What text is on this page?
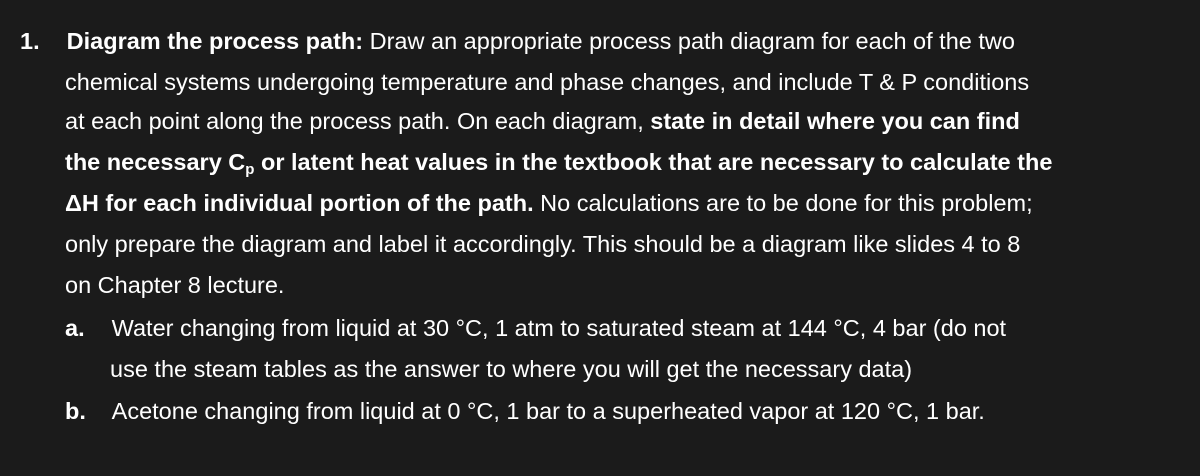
1. Diagram the process path: Draw an appropriate process path diagram for each of the two
chemical systems undergoing temperature and phase changes, and include T & P conditions
at each point along the process path. On each diagram, state in detail where you can find
the necessary $C_p$ or latent heat values in the textbook that are necessary to calculate the
ΔH for each individual portion of the path. No calculations are to be done for this problem;
only prepare the diagram and label it accordingly. This should be a diagram like slides 4 to 8
on Chapter 8 lecture.
a. Water changing from liquid at 30 °C, 1 atm to saturated steam at 144 °C, 4 bar (do not
use the steam tables as the answer to where you will get the necessary data)
b. Acetone changing from liquid at 0 °C, 1 bar to a superheated vapor at 120 °C, 1 bar.
